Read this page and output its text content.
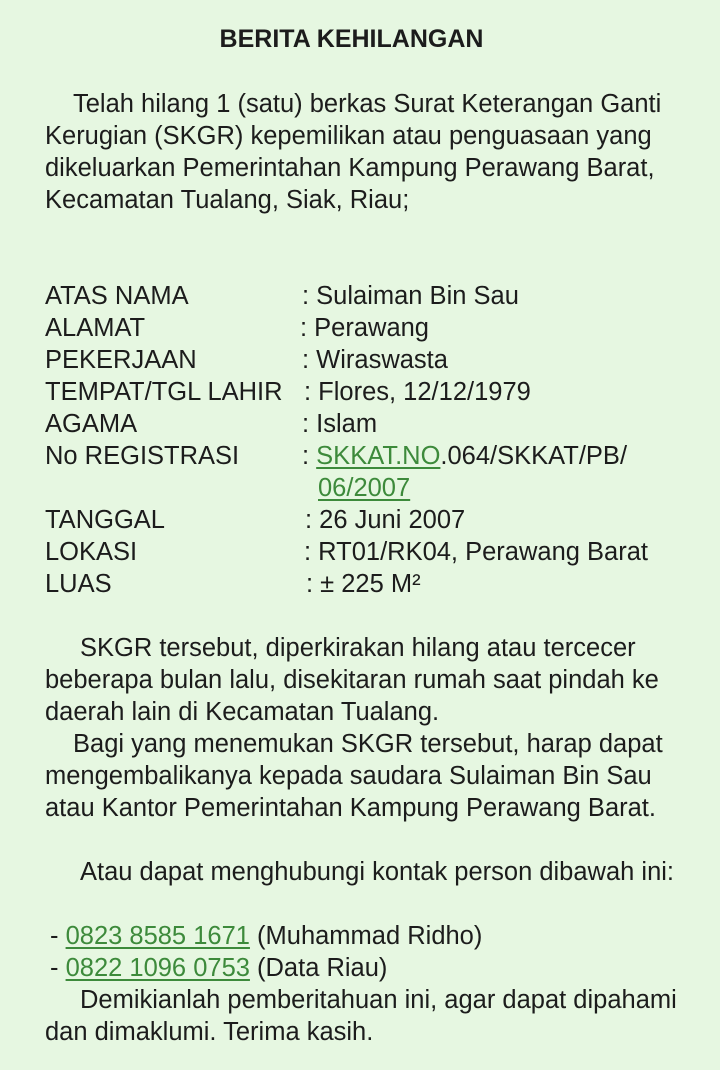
BERITA KEHILANGAN
Telah hilang 1 (satu) berkas Surat Keterangan Ganti Kerugian (SKGR) kepemilikan atau penguasaan yang dikeluarkan Pemerintahan Kampung Perawang Barat, Kecamatan Tualang, Siak, Riau;
ATAS NAMA	: Sulaiman Bin Sau
ALAMAT	: Perawang
PEKERJAAN	: Wiraswasta
TEMPAT/TGL LAHIR : Flores, 12/12/1979
AGAMA	: Islam
No REGISTRASI : SKKAT.NO.064/SKKAT/PB/
06/2007
TANGGAL	: 26 Juni 2007
LOKASI	: RT01/RK04, Perawang Barat
LUAS	: ± 225 M²
SKGR tersebut, diperkirakan hilang atau tercecer beberapa bulan lalu, disekitaran rumah saat pindah ke daerah lain di Kecamatan Tualang.
Bagi yang menemukan SKGR tersebut, harap dapat mengembalikanya kepada saudara Sulaiman Bin Sau atau Kantor Pemerintahan Kampung Perawang Barat.
Atau dapat menghubungi kontak person dibawah ini:
- 0823 8585 1671 (Muhammad Ridho)
- 0822 1096 0753 (Data Riau)
Demikianlah pemberitahuan ini, agar dapat dipahami dan dimaklumi. Terima kasih.
